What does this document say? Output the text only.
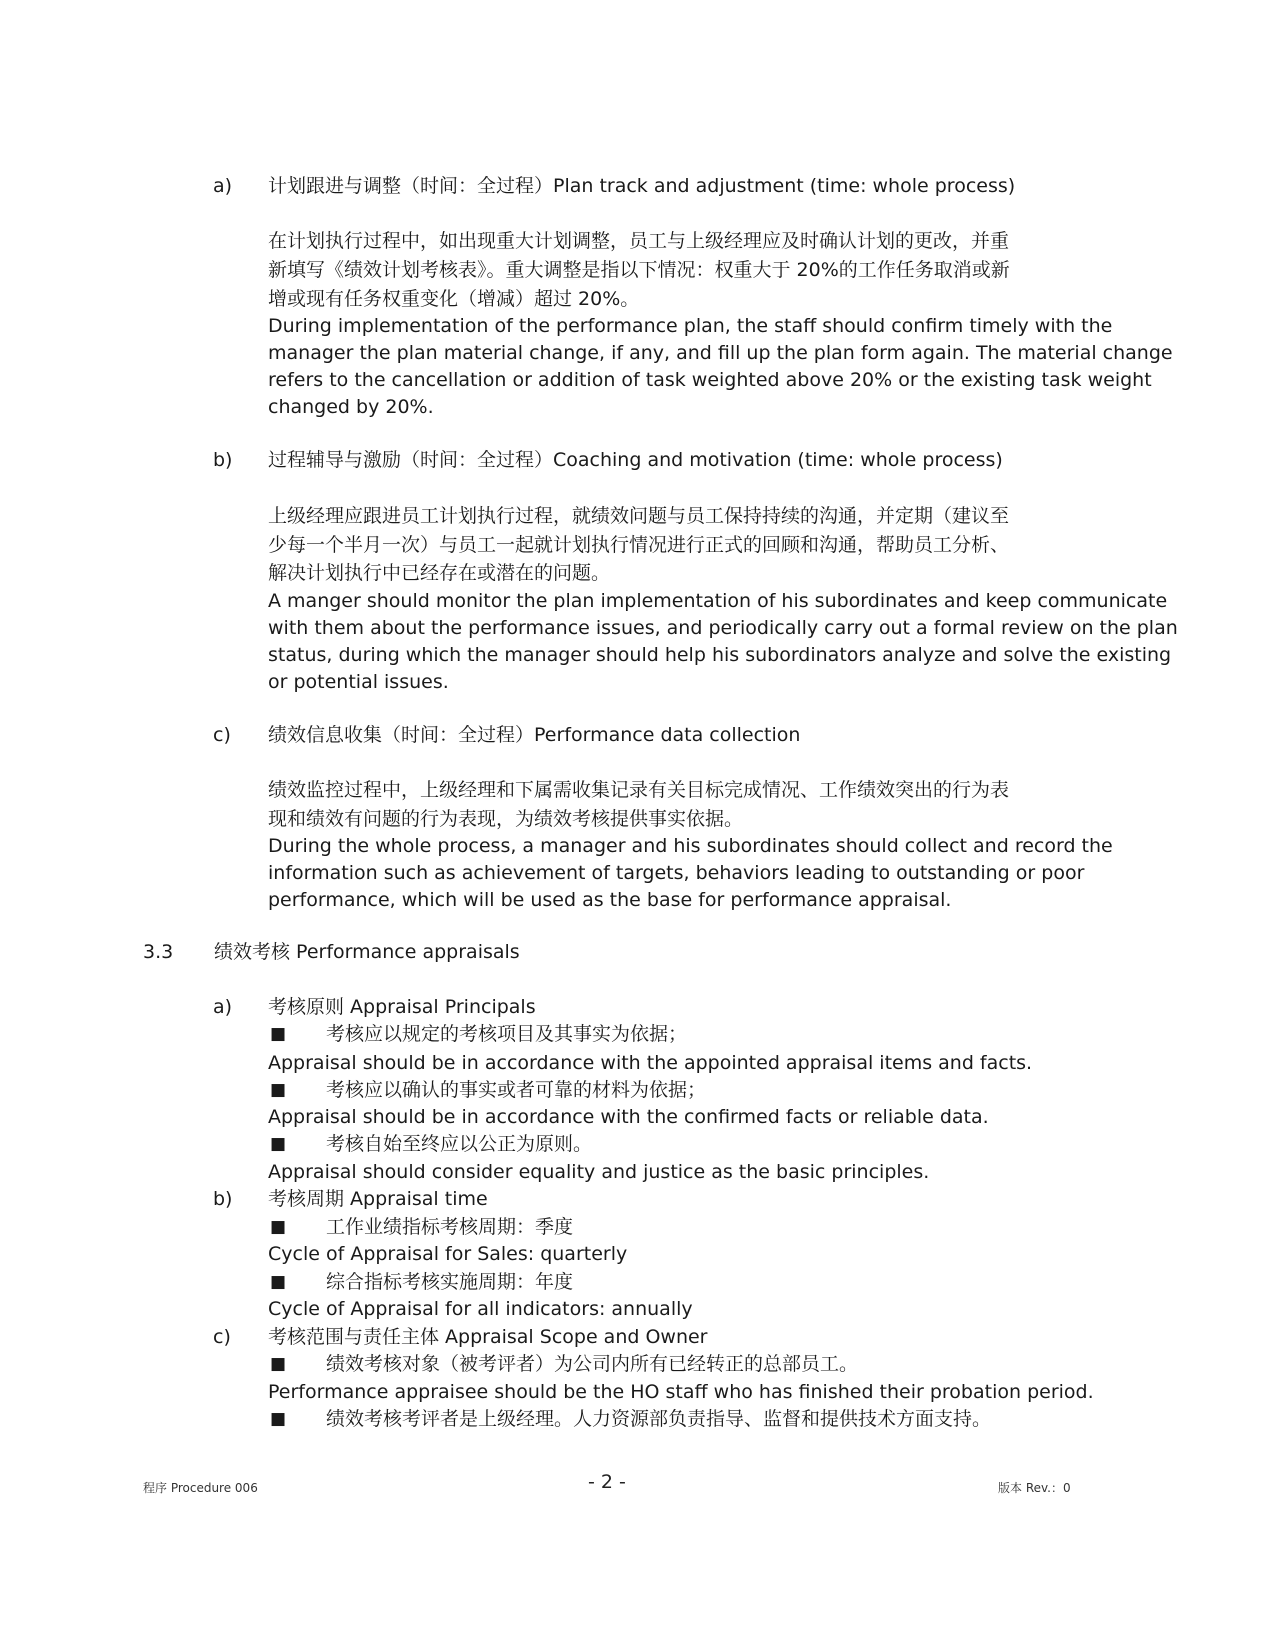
a) 计划跟进与调整（时间：全过程）Plan track and adjustment (time: whole process)
在计划执行过程中，如出现重大计划调整，员工与上级经理应及时确认计划的更改，并重
新填写《绩效计划考核表》。重大调整是指以下情况：权重大于 20%的工作任务取消或新
增或现有任务权重变化（增减）超过 20%。
During implementation of the performance plan, the staff should confirm timely with the
manager the plan material change, if any, and fill up the plan form again. The material change
refers to the cancellation or addition of task weighted above 20% or the existing task weight
changed by 20%.
b) 过程辅导与激励（时间：全过程）Coaching and motivation (time: whole process)
上级经理应跟进员工计划执行过程，就绩效问题与员工保持持续的沟通，并定期（建议至
少每一个半月一次）与员工一起就计划执行情况进行正式的回顾和沟通，帮助员工分析、
解决计划执行中已经存在或潜在的问题。
A manger should monitor the plan implementation of his subordinates and keep communicate
with them about the performance issues, and periodically carry out a formal review on the plan
status, during which the manager should help his subordinators analyze and solve the existing
or potential issues.
c) 绩效信息收集（时间：全过程）Performance data collection
绩效监控过程中，上级经理和下属需收集记录有关目标完成情况、工作绩效突出的行为表
现和绩效有问题的行为表现，为绩效考核提供事实依据。
During the whole process, a manager and his subordinates should collect and record the
information such as achievement of targets, behaviors leading to outstanding or poor
performance, which will be used as the base for performance appraisal.
3.3 绩效考核 Performance appraisals
a) 考核原则 Appraisal Principals
■ 考核应以规定的考核项目及其事实为依据；
Appraisal should be in accordance with the appointed appraisal items and facts.
■ 考核应以确认的事实或者可靠的材料为依据；
Appraisal should be in accordance with the confirmed facts or reliable data.
■ 考核自始至终应以公正为原则。
Appraisal should consider equality and justice as the basic principles.
b) 考核周期 Appraisal time
■ 工作业绩指标考核周期：季度
Cycle of Appraisal for Sales: quarterly
■ 综合指标考核实施周期：年度
Cycle of Appraisal for all indicators: annually
c) 考核范围与责任主体 Appraisal Scope and Owner
■ 绩效考核对象（被考评者）为公司内所有已经转正的总部员工。
Performance appraisee should be the HO staff who has finished their probation period.
■ 绩效考核考评者是上级经理。人力资源部负责指导、监督和提供技术方面支持。
程序 Procedure 006	- 2 -	版本 Rev.：0
